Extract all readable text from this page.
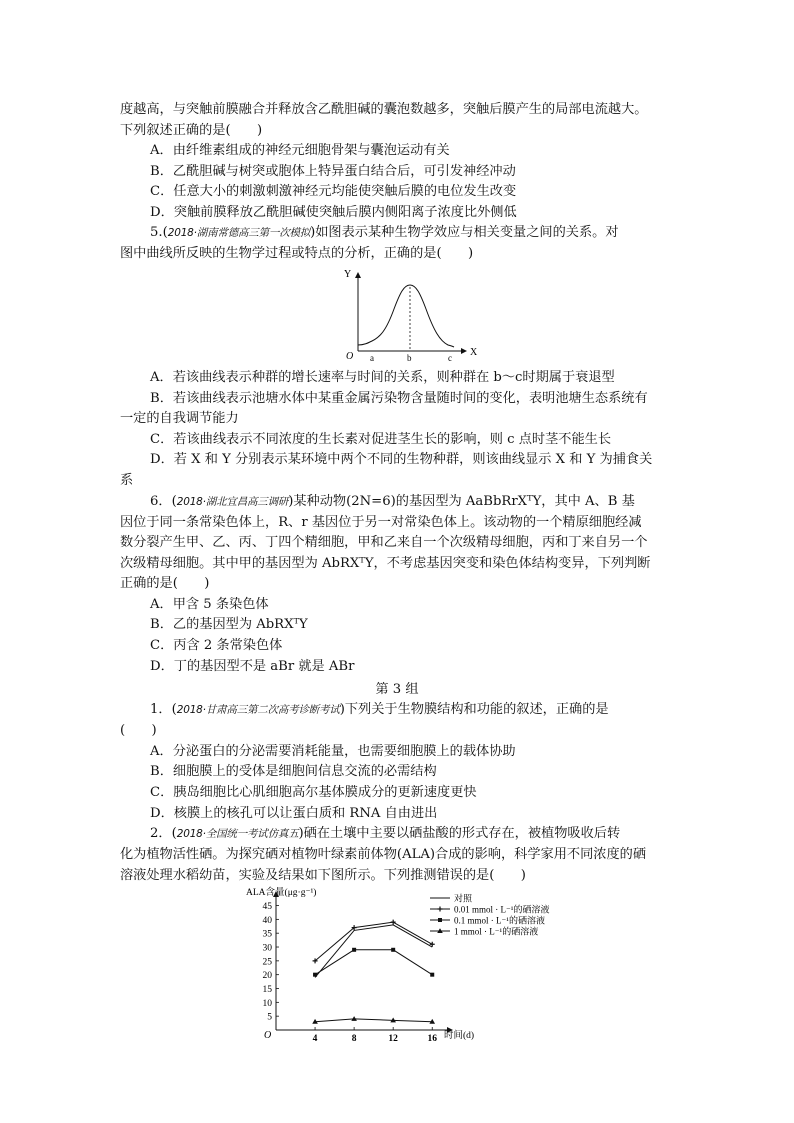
度越高，与突触前膜融合并释放含乙酰胆碱的囊泡数越多，突触后膜产生的局部电流越大。
下列叙述正确的是(　　)
A．由纤维素组成的神经元细胞骨架与囊泡运动有关
B．乙酰胆碱与树突或胞体上特异蛋白结合后，可引发神经冲动
C．任意大小的刺激刺激神经元均能使突触后膜的电位发生改变
D．突触前膜释放乙酰胆碱使突触后膜内侧阳离子浓度比外侧低
5.(2018·湖南常德高三第一次模拟)如图表示某种生物学效应与相关变量之间的关系。对
图中曲线所反映的生物学过程或特点的分析，正确的是(　　)
Y
X
O a	b	c
A．若该曲线表示种群的增长速率与时间的关系，则种群在 b～c时期属于衰退型
B．若该曲线表示池塘水体中某重金属污染物含量随时间的变化，表明池塘生态系统有
一定的自我调节能力
C．若该曲线表示不同浓度的生长素对促进茎生长的影响，则 c 点时茎不能生长
D．若 X 和 Y 分别表示某环境中两个不同的生物种群，则该曲线显示 X 和 Y 为捕食关
系
6．(2018·湖北宜昌高三调研)某种动物(2N=6)的基因型为 AaBbRrXᵀY，其中 A、B 基
因位于同一条常染色体上，R、r 基因位于另一对常染色体上。该动物的一个精原细胞经减
数分裂产生甲、乙、丙、丁四个精细胞，甲和乙来自一个次级精母细胞，丙和丁来自另一个
次级精母细胞。其中甲的基因型为 AbRXᵀY，不考虑基因突变和染色体结构变异，下列判断
正确的是(　　)
A．甲含 5 条染色体
B．乙的基因型为 AbRXᵀY
C．丙含 2 条常染色体
D．丁的基因型不是 aBr 就是 ABr
第 3 组
1．(2018·甘肃高三第二次高考诊断考试)下列关于生物膜结构和功能的叙述，正确的是
(　　)
A．分泌蛋白的分泌需要消耗能量，也需要细胞膜上的载体协助
B．细胞膜上的受体是细胞间信息交流的必需结构
C．胰岛细胞比心肌细胞高尔基体膜成分的更新速度更快
D．核膜上的核孔可以让蛋白质和 RNA 自由进出
2．(2018·全国统一考试仿真五)硒在土壤中主要以硒盐酸的形式存在，被植物吸收后转
化为植物活性硒。为探究硒对植物叶绿素前体物(ALA)合成的影响，科学家用不同浓度的硒
溶液处理水稻幼苗，实验及结果如下图所示。下列推测错误的是(　　)
ALA含量(μg·g⁻¹)
时间(d)
O
5
10
15
20
25
30
35
40
45
4	8	12	16
对照
0.01 mmol · L⁻¹的硒溶液
0.1 mmol · L⁻¹的硒溶液
1 mmol · L⁻¹的硒溶液
